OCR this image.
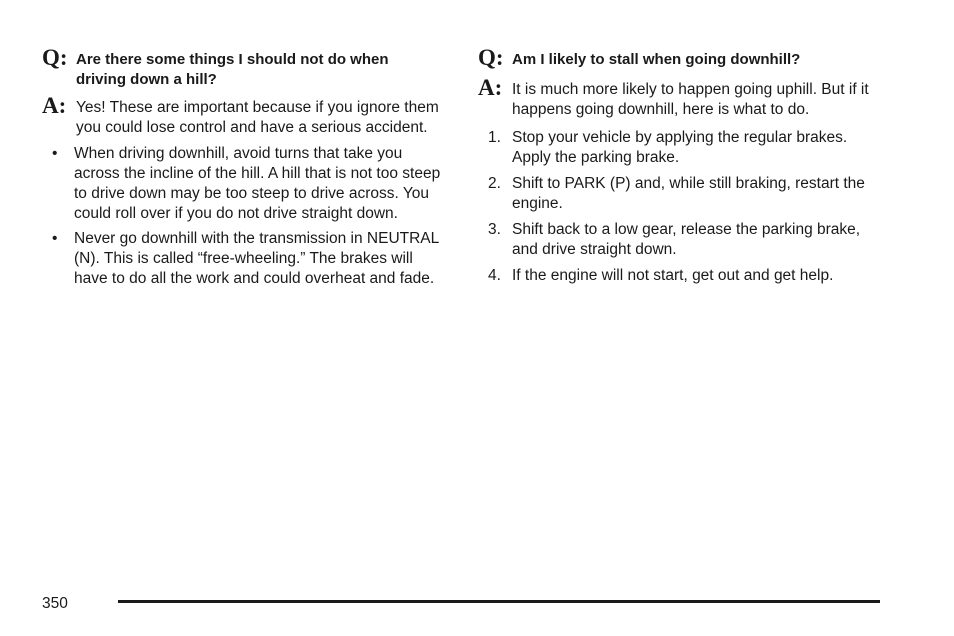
Q: Are there some things I should not do when driving down a hill?
A: Yes! These are important because if you ignore them you could lose control and have a serious accident.
• When driving downhill, avoid turns that take you across the incline of the hill. A hill that is not too steep to drive down may be too steep to drive across. You could roll over if you do not drive straight down.
• Never go downhill with the transmission in NEUTRAL (N). This is called “free-wheeling.” The brakes will have to do all the work and could overheat and fade.
Q: Am I likely to stall when going downhill?
A: It is much more likely to happen going uphill. But if it happens going downhill, here is what to do.
1. Stop your vehicle by applying the regular brakes. Apply the parking brake.
2. Shift to PARK (P) and, while still braking, restart the engine.
3. Shift back to a low gear, release the parking brake, and drive straight down.
4. If the engine will not start, get out and get help.
350
